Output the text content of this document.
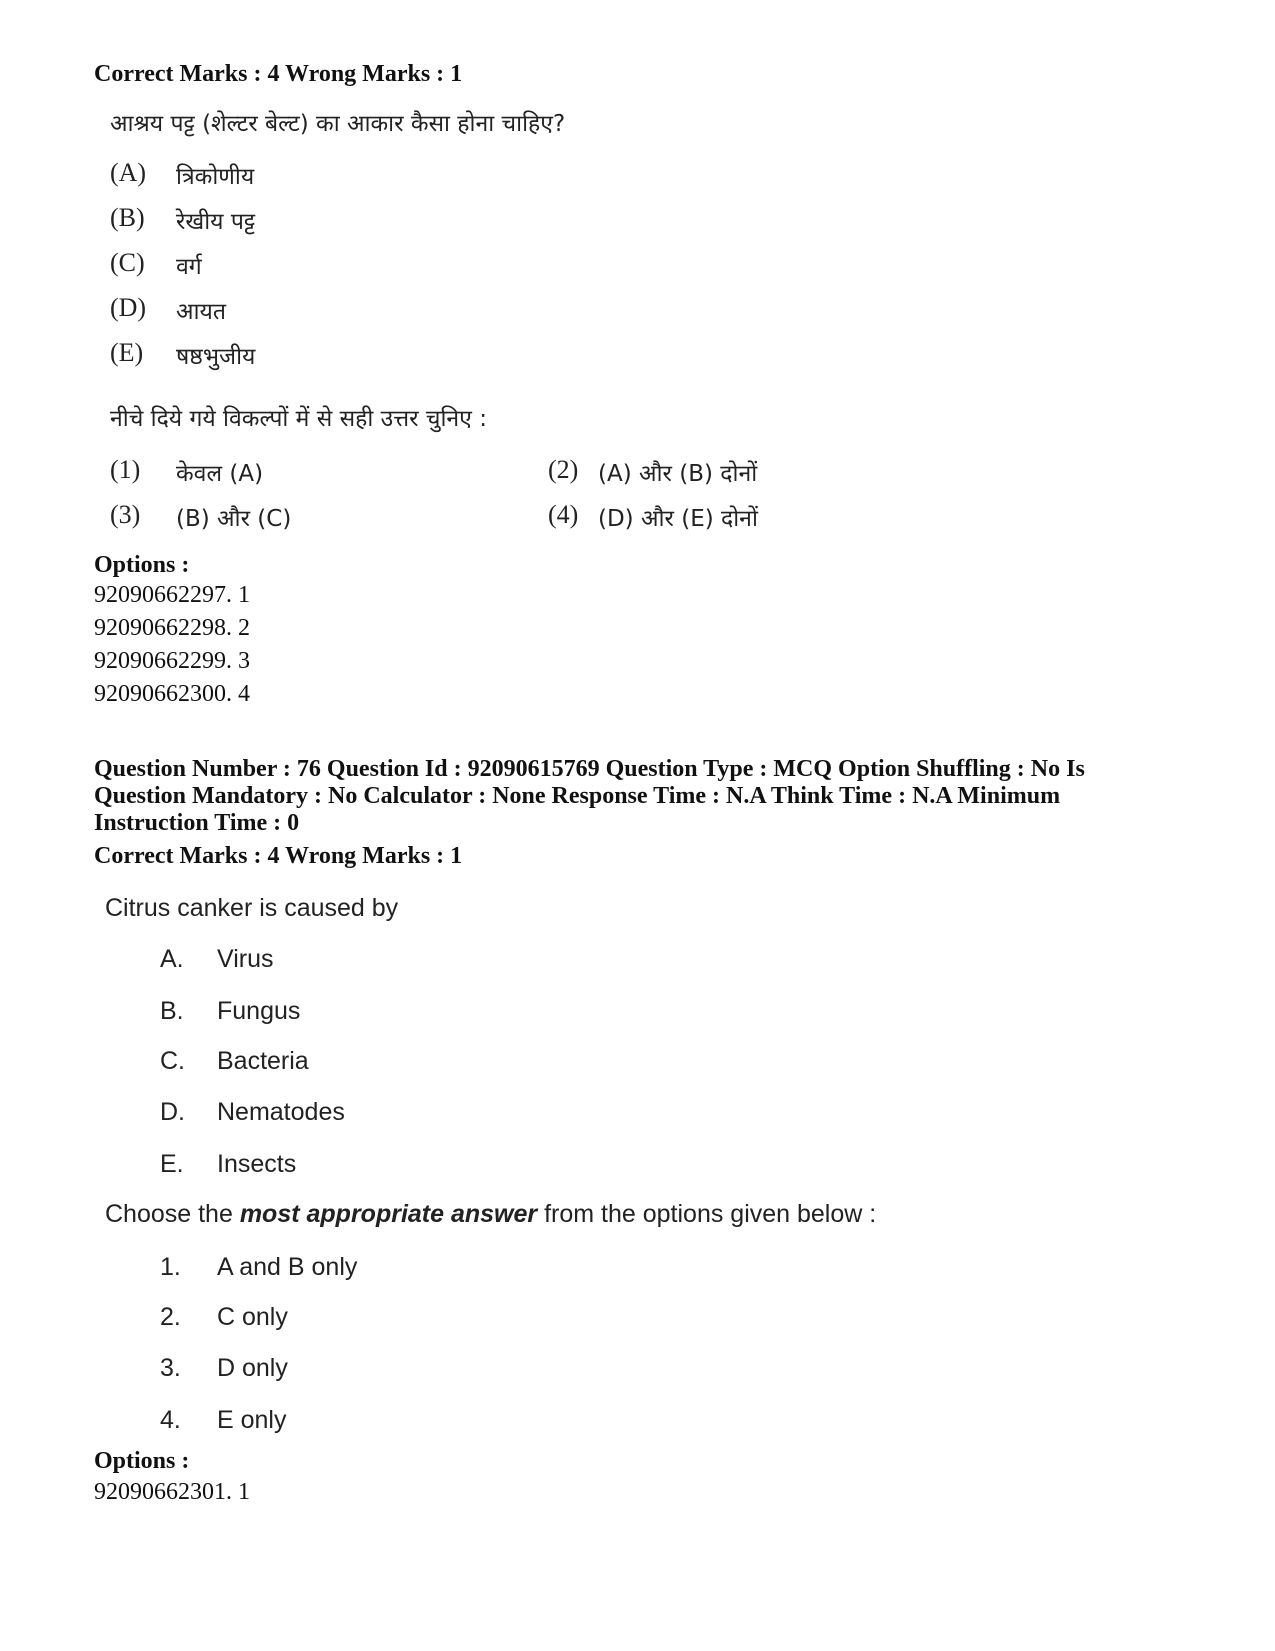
Correct Marks : 4 Wrong Marks : 1
आश्रय पट्ट (शेल्टर बेल्ट) का आकार कैसा होना चाहिए?
(A) त्रिकोणीय
(B) रेखीय पट्ट
(C) वर्ग
(D) आयत
(E) षष्ठभुजीय
नीचे दिये गये विकल्पों में से सही उत्तर चुनिए :
(1) केवल (A)	(2) (A) और (B) दोनों
(3) (B) और (C)	(4) (D) और (E) दोनों
Options :
92090662297. 1
92090662298. 2
92090662299. 3
92090662300. 4
Question Number : 76 Question Id : 92090615769 Question Type : MCQ Option Shuffling : No Is
Question Mandatory : No Calculator : None Response Time : N.A Think Time : N.A Minimum
Instruction Time : 0
Correct Marks : 4 Wrong Marks : 1
Citrus canker is caused by
A. Virus
B. Fungus
C. Bacteria
D. Nematodes
E. Insects
Choose the most appropriate answer from the options given below :
1. A and B only
2. C only
3. D only
4. E only
Options :
92090662301. 1
